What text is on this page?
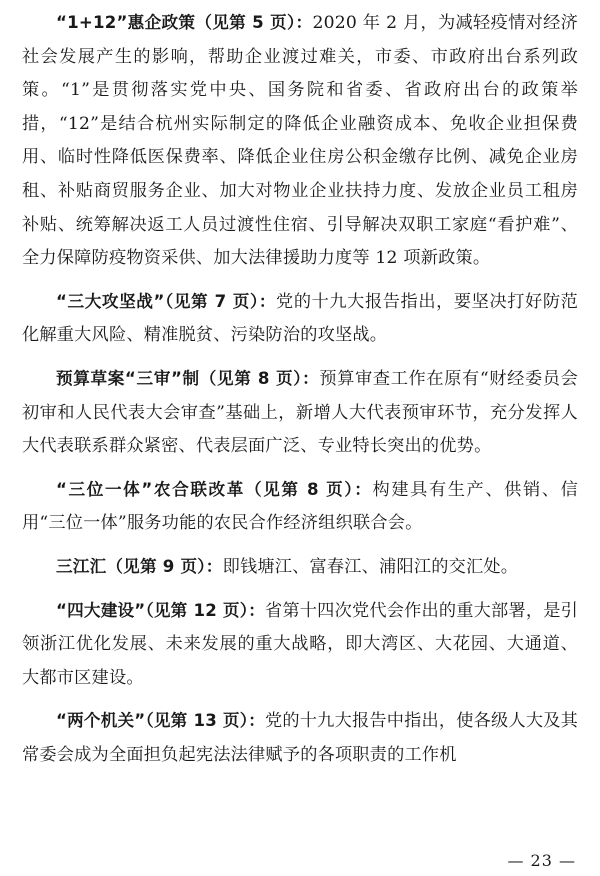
“1+12”惠企政策（见第 5 页）：2020 年 2 月，为减轻疫情对经济社会发展产生的影响，帮助企业渡过难关，市委、市政府出台系列政策。“1”是贯彻落实党中央、国务院和省委、省政府出台的政策举措，“12”是结合杭州实际制定的降低企业融资成本、免收企业担保费用、临时性降低医保费率、降低企业住房公积金缴存比例、减免企业房租、补贴商贸服务企业、加大对物业企业扶持力度、发放企业员工租房补贴、统筹解决返工人员过渡性住宿、引导解决双职工家庭“看护难”、全力保障防疫物资采供、加大法律援助力度等 12 项新政策。

“三大攻坚战”（见第 7 页）：党的十九大报告指出，要坚决打好防范化解重大风险、精准脱贫、污染防治的攻坚战。

预算草案“三审”制（见第 8 页）：预算审查工作在原有“财经委员会初审和人民代表大会审查”基础上，新增人大代表预审环节，充分发挥人大代表联系群众紧密、代表层面广泛、专业特长突出的优势。

“三位一体”农合联改革（见第 8 页）：构建具有生产、供销、信用“三位一体”服务功能的农民合作经济组织联合会。

三江汇（见第 9 页）：即钱塘江、富春江、浦阳江的交汇处。

“四大建设”（见第 12 页）：省第十四次党代会作出的重大部署，是引领浙江优化发展、未来发展的重大战略，即大湾区、大花园、大通道、大都市区建设。

“两个机关”（见第 13 页）：党的十九大报告中指出，使各级人大及其常委会成为全面担负起宪法法律赋予的各项职责的工作机

— 23 —
